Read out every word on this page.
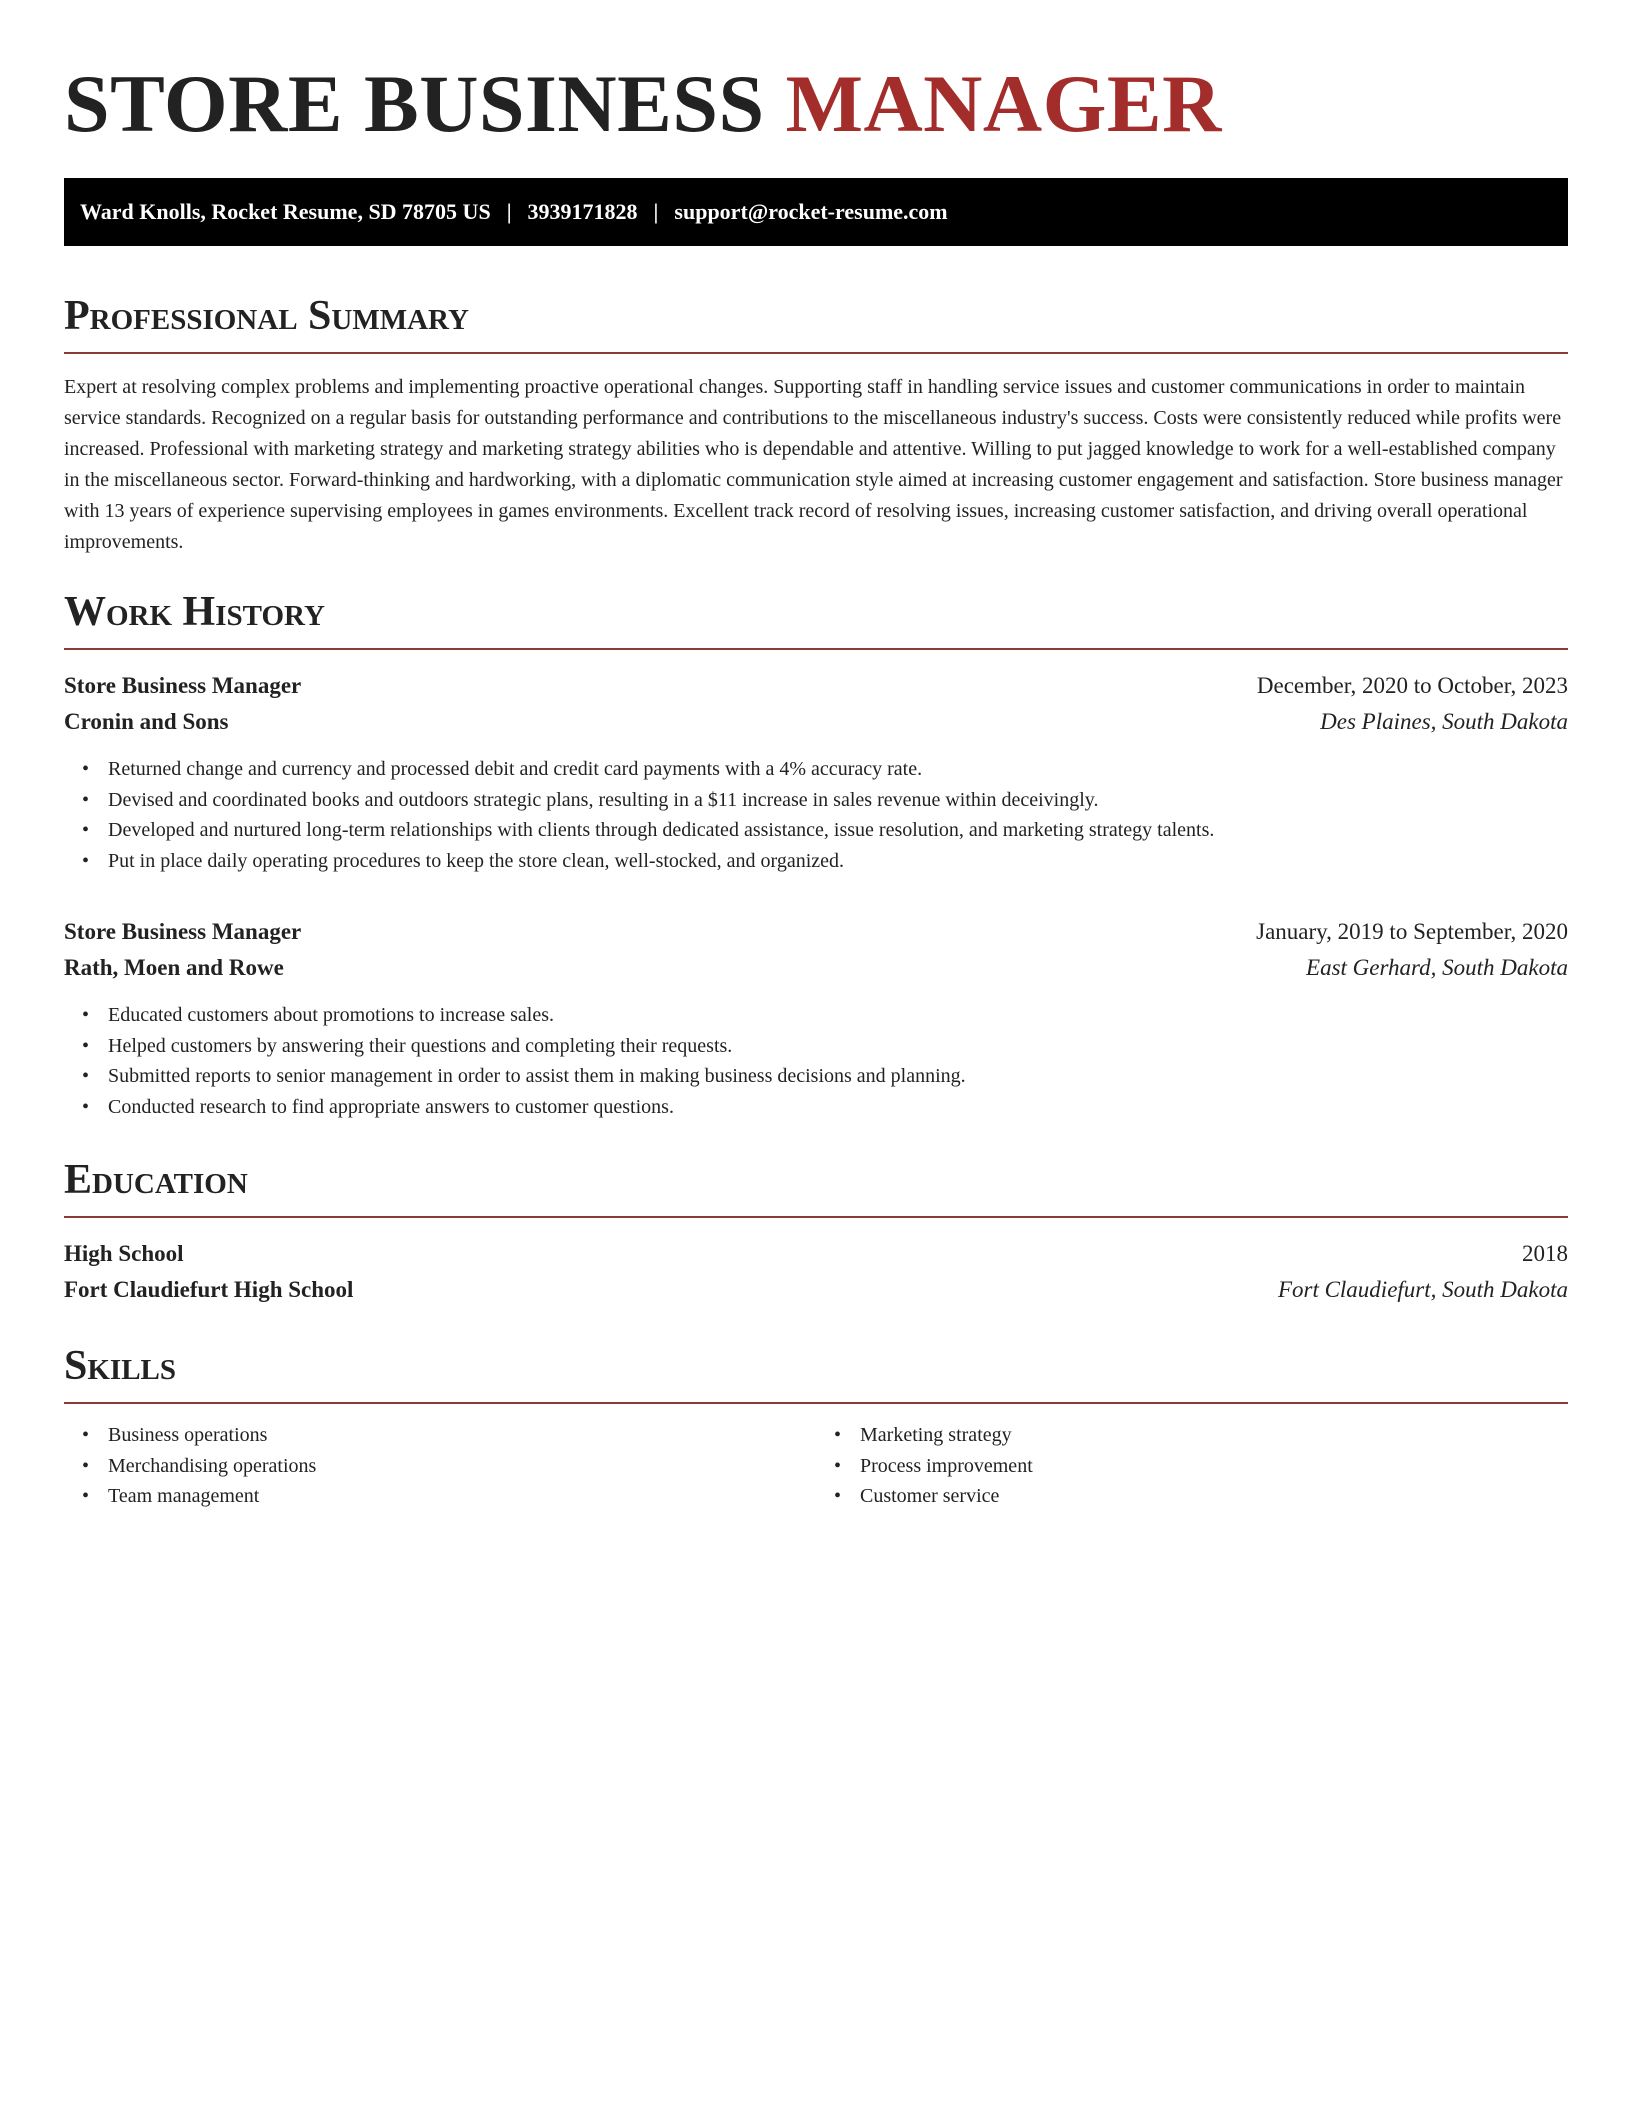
STORE BUSINESS MANAGER
Ward Knolls, Rocket Resume, SD 78705 US | 3939171828 | support@rocket-resume.com
Professional Summary

Expert at resolving complex problems and implementing proactive operational changes. Supporting staff in handling service issues and customer communications in order to maintain service standards. Recognized on a regular basis for outstanding performance and contributions to the miscellaneous industry's success. Costs were consistently reduced while profits were increased. Professional with marketing strategy and marketing strategy abilities who is dependable and attentive. Willing to put jagged knowledge to work for a well-established company in the miscellaneous sector. Forward-thinking and hardworking, with a diplomatic communication style aimed at increasing customer engagement and satisfaction. Store business manager with 13 years of experience supervising employees in games environments. Excellent track record of resolving issues, increasing customer satisfaction, and driving overall operational improvements.

Work History
Store Business Manager	December, 2020 to October, 2023
Cronin and Sons	Des Plaines, South Dakota
• Returned change and currency and processed debit and credit card payments with a 4% accuracy rate.
• Devised and coordinated books and outdoors strategic plans, resulting in a $11 increase in sales revenue within deceivingly.
• Developed and nurtured long-term relationships with clients through dedicated assistance, issue resolution, and marketing strategy talents.
• Put in place daily operating procedures to keep the store clean, well-stocked, and organized.
Store Business Manager	January, 2019 to September, 2020
Rath, Moen and Rowe	East Gerhard, South Dakota
• Educated customers about promotions to increase sales.
• Helped customers by answering their questions and completing their requests.
• Submitted reports to senior management in order to assist them in making business decisions and planning.
• Conducted research to find appropriate answers to customer questions.
Education
High School	2018
Fort Claudiefurt High School	Fort Claudiefurt, South Dakota
Skills
• Business operations
• Merchandising operations
• Team management
• Marketing strategy
• Process improvement
• Customer service
